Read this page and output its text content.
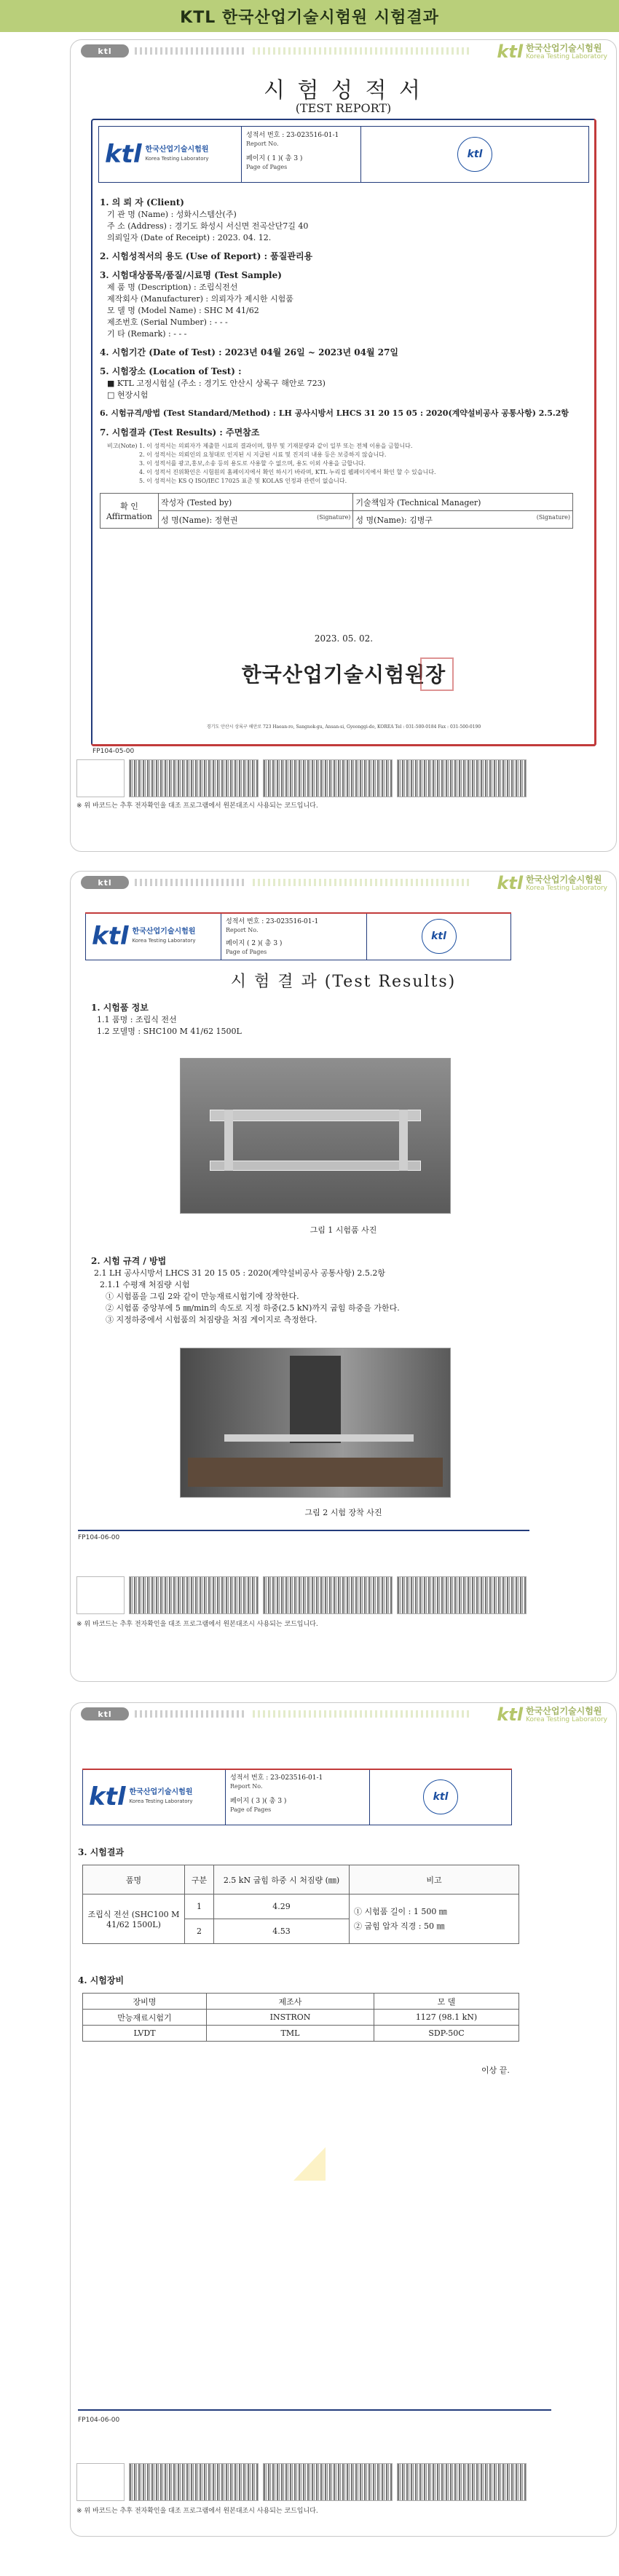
KTL 한국산업기술시험원 시험결과
ktl	ktl 한국산업기술시험원
Korea Testing Laboratory
시 험 성 적 서
(TEST REPORT)
ktl 한국산업기술시험원
Korea Testing Laboratory
성적서 번호 : 23-023516-01-1
Report No.
페이지 ( 1 )( 총 3 )
Page of Pages
ktl
1. 의 뢰 자 (Client)
기 관 명 (Name) : 성화시스템산(주)
주 소 (Address) : 경기도 화성시 서신면 전곡산단7길 40
의뢰일자 (Date of Receipt) : 2023. 04. 12.
2. 시험성적서의 용도 (Use of Report) : 품질관리용
3. 시험대상품목/품질/시료명 (Test Sample)
제 품 명 (Description) : 조립식전선
제작회사 (Manufacturer) : 의뢰자가 제시한 시험품
모 델 명 (Model Name) : SHC M 41/62
제조번호 (Serial Number) : - - -
기 타 (Remark) : - - -
4. 시험기간 (Date of Test) : 2023년 04월 26일 ~ 2023년 04월 27일
5. 시험장소 (Location of Test) :
■ KTL 고정시험실 (주소 : 경기도 안산시 상록구 해안로 723)
□ 현장시험
6. 시험규격/방법 (Test Standard/Method) : LH 공사시방서 LHCS 31 20 15 05 : 2020(계약설비공사 공통사항) 2.5.2항
7. 시험결과 (Test Results) : 주면참조
비고(Note) 1. 이 성적서는 의뢰자가 제출한 시료의 결과이며, 함부 및 기재분량과 같이 일부 또는 전체 이용을 금합니다.
2. 이 성적서는 의뢰인의 요청대로 인지된 시 지급된 시료 및 진지의 내용 등은 보증하지 않습니다.
3. 이 성적서를 광고,홍보,소송 등의 용도로 사용할 수 없으며, 용도 이외 사용을 금합니다.
4. 이 성적서 진위확인은 시험원의 홈페이지에서 확인 하시기 바라며, KTL 누리집 웹페이지에서 확인 할 수 있습니다.
5. 이 성적서는 KS Q ISO/IEC 17025 표준 및 KOLAS 인정과 관련이 없습니다.
확 인
Affirmation	작성자 (Tested by)	기술책임자 (Technical Manager)
	성 명(Name): 정현권 (Signature)	성 명(Name): 김병구 (Signature)
2023. 05. 02.
한국산업기술시험원장
경기도 안산시 상록구 해안로 723 Haean-ro, Sangnok-gu, Ansan-si, Gyeonggi-do, KOREA Tel : 031-500-0184 Fax : 031-500-0190
FP104-05-00
※ 위 바코드는 추후 전자확인을 대조 프로그램에서 원본대조시 사용되는 코드입니다.
ktl	ktl 한국산업기술시험원
Korea Testing Laboratory
ktl 한국산업기술시험원
Korea Testing Laboratory
성적서 번호 : 23-023516-01-1
Report No.
페이지 ( 2 )( 총 3 )
Page of Pages
ktl
시 험 결 과 (Test Results)
1. 시험품 정보
1.1 품명 : 조립식 전선
1.2 모델명 : SHC100 M 41/62 1500L
그림 1 시험품 사진
2. 시험 규격 / 방법
2.1 LH 공사시방서 LHCS 31 20 15 05 : 2020(계약설비공사 공통사항) 2.5.2항
2.1.1 수평재 처짐량 시험
① 시험품을 그림 2와 같이 만능재료시험기에 장착한다.
② 시험품 중앙부에 5 ㎜/min의 속도로 지정 하중(2.5 kN)까지 굽힘 하중을 가한다.
③ 지정하중에서 시험품의 처짐량을 처짐 게이지로 측정한다.
그림 2 시험 장착 사진
FP104-06-00
※ 위 바코드는 추후 전자확인을 대조 프로그램에서 원본대조시 사용되는 코드입니다.
ktl	ktl 한국산업기술시험원
Korea Testing Laboratory
ktl 한국산업기술시험원
Korea Testing Laboratory
성적서 번호 : 23-023516-01-1
Report No.
페이지 ( 3 )( 총 3 )
Page of Pages
ktl
3. 시험결과
품명	구분	2.5 kN 굽힘 하중 시 처짐량 (㎜)	비고
조립식 전선 (SHC100 M 41/62 1500L)	1	4.29	① 시험품 길이 : 1 500 ㎜
② 굽힘 압자 직경 : 50 ㎜

	2	4.53	
4. 시험장비
장비명	제조사	모 델
만능재료시험기	INSTRON	1127 (98.1 kN)
LVDT	TML	SDP-50C
이상 끝.
FP104-06-00
※ 위 바코드는 추후 전자확인을 대조 프로그램에서 원본대조시 사용되는 코드입니다.
